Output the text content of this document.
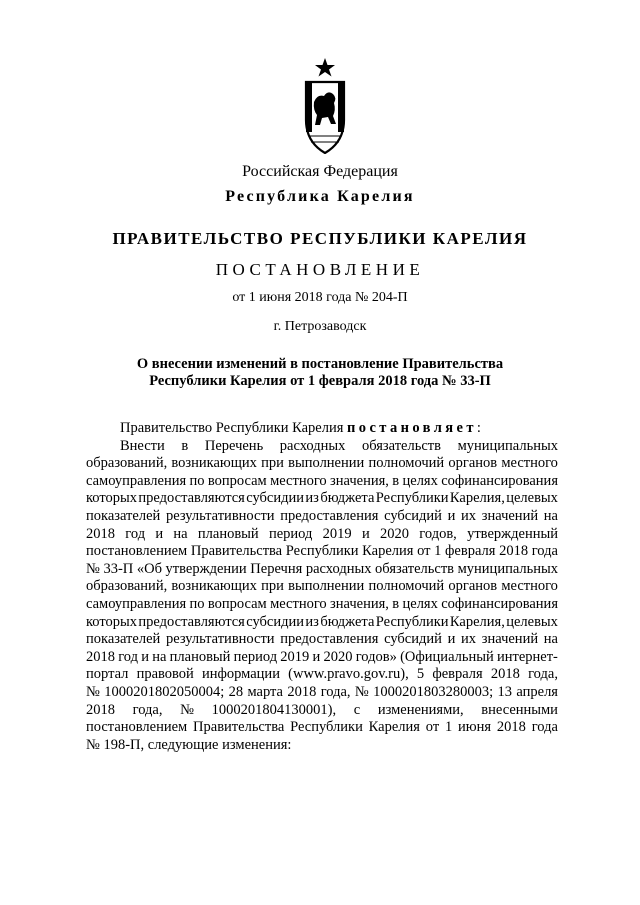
Российская Федерация
Республика Карелия
ПРАВИТЕЛЬСТВО РЕСПУБЛИКИ КАРЕЛИЯ
ПОСТАНОВЛЕНИЕ
от 1 июня 2018 года № 204-П
г. Петрозаводск
О внесении изменений в постановление Правительства
Республики Карелия от 1 февраля 2018 года № 33-П
Правительство Республики Карелия постановляет:
Внести в Перечень расходных обязательств муниципальных
образований, возникающих при выполнении полномочий органов местного
самоуправления по вопросам местного значения, в целях софинансирования
которых предоставляются субсидии из бюджета Республики Карелия, целевых
показателей результативности предоставления субсидий и их значений на
2018 год и на плановый период 2019 и 2020 годов, утвержденный
постановлением Правительства Республики Карелия от 1 февраля 2018 года
№ 33-П «Об утверждении Перечня расходных обязательств муниципальных
образований, возникающих при выполнении полномочий органов местного
самоуправления по вопросам местного значения, в целях софинансирования
которых предоставляются субсидии из бюджета Республики Карелия, целевых
показателей результативности предоставления субсидий и их значений на
2018 год и на плановый период 2019 и 2020 годов» (Официальный интернет-
портал правовой информации (www.pravo.gov.ru), 5 февраля 2018 года,
№ 1000201802050004; 28 марта 2018 года, № 1000201803280003; 13 апреля
2018 года, № 1000201804130001), с изменениями, внесенными
постановлением Правительства Республики Карелия от 1 июня 2018 года
№ 198-П, следующие изменения:
